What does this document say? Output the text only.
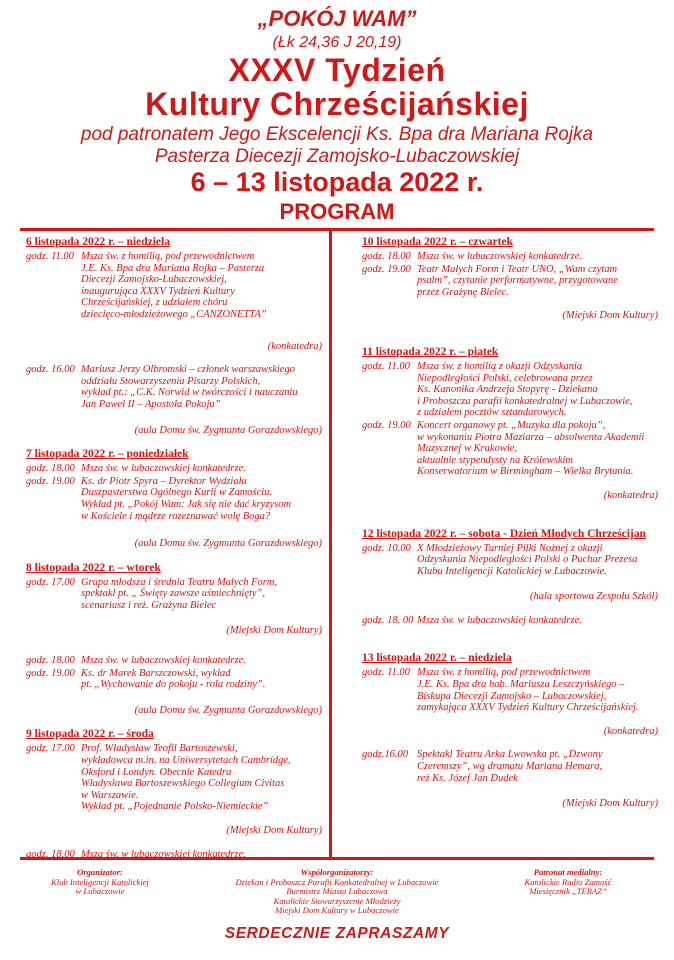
„POKÓJ WAM”
(Łk 24,36 J 20,19)
XXXV Tydzień
Kultury Chrześcijańskiej
pod patronatem Jego Ekscelencji Ks. Bpa dra Mariana Rojka
Pasterza Diecezji Zamojsko-Lubaczowskiej
6 – 13 listopada 2022 r.
PROGRAM
6 listopada 2022 r. – niedziela
godz. 11.00 Msza św. z homilią, pod przewodnictwem
J.E. Ks. Bpa dra Mariana Rojka – Pasterza
Diecezji Zamojsko-Lubaczowskiej,
inaugurująca XXXV Tydzień Kultury
Chrześcijańskiej, z udziałem chóru
dziecięco-młodzieżowego „CANZONETTA”
(konkatedra)
godz. 16.00 Mariusz Jerzy Olbromski – członek warszawskiego
oddziału Stowarzyszenia Pisarzy Polskich,
wykład pt.: „C.K. Norwid w twórczości i nauczaniu
Jan Paweł II – Apostoła Pokoju”
(aula Domu św. Zygmunta Gorazdowskiego)
7 listopada 2022 r. – poniedziałek
godz. 18.00 Msza św. w lubaczowskiej konkatedrze.
godz. 19.00 Ks. dr Piotr Spyra – Dyrektor Wydziału
Duszpasterstwa Ogólnego Kurii w Zamościu.
Wykład pt. „Pokój Wam: Jak się nie dać kryzysom
w Kościele i mądrze rozeznawać wolę Boga?
(aula Domu św. Zygmunta Gorazdowskiego)
8 listopada 2022 r. – wtorek
godz. 17.00 Grupa młodsza i średnia Teatru Małych Form,
spektakl pt. „ Święty zawsze uśmiechnięty”,
scenariusz i reż. Grażyna Bielec
(Miejski Dom Kultury)
godz. 18.00 Msza św. w lubaczowskiej konkatedrze.
godz. 19.00 Ks. dr Marek Barszczowski, wykład
pt. „Wychowanie do pokoju - rola rodziny”.
(aula Domu św. Zygmunta Gorazdowskiego)
9 listopada 2022 r. – środa
godz. 17.00 Prof. Władysław Teofil Bartoszewski,
wykładowca m.in. na Uniwersytetach Cambridge,
Oksford i Londyn. Obecnie Katedra
Władysława Bartoszewskiego Collegium Civitas
w Warszawie.
Wykład pt. „Pojednanie Polsko-Niemieckie”
(Miejski Dom Kultury)
godz. 18.00 Msza św. w lubaczowskiej konkatedrze.
10 listopada 2022 r. – czwartek
godz. 18.00 Msza św. w lubaczowskiej konkatedrze.
godz. 19.00 Teatr Małych Form i Teatr UNO, „Wam czytam
psalm”, czytanie performatywne, przygotowane
przez Grażynę Bielec.
(Miejski Dom Kultury)
11 listopada 2022 r. – piątek
godz. 11.00 Msza św. z homilią z okazji Odzyskania
Niepodległości Polski, celebrowana przez
Ks. Kanonika Andrzeja Stopyrę - Dziekana
i Proboszcza parafii konkatedralnej w Lubaczowie,
z udziałem pocztów sztandarowych.
godz. 19.00 Koncert organowy pt. „Muzyka dla pokoju”,
w wykonaniu Piotra Maziarza – absolwenta Akademii
Muzycznej w Krakowie,
aktualnie stypendysty na Królewskim
Konserwatorium w Birmingham – Wielka Brytania.
(konkatedra)
12 listopada 2022 r. – sobota - Dzień Młodych Chrześcijan
godz. 10.00 X Młodzieżowy Turniej Piłki Nożnej z okazji
Odzyskania Niepodległości Polski o Puchar Prezesa
Klubu Inteligencji Katolickiej w Lubaczowie.
(hala sportowa Zespołu Szkół)
godz. 18. 00 Msza św. w lubaczowskiej konkatedrze.
13 listopada 2022 r. – niedziela
godz. 11.00 Msza św. z homilią, pod przewodnictwem
J.E. Ks. Bpa dra hab. Mariusza Leszczyńskiego –
Biskupa Diecezji Zamojsko – Lubaczowskiej,
zamykająca XXXV Tydzień Kultury Chrześcijańskiej.
(konkatedra)
godz.16.00 Spektakl Teatru Arka Lwowska pt. „Dzwony
Czeremszy”, wg dramatu Mariana Hemara,
reż Ks. Józef Jan Dudek
(Miejski Dom Kultury)
Organizator:
Klub Inteligencji Katolickiej
w Lubaczowie
Współorganizatorzy:
Dziekan i Proboszcz Parafii Konkatedralnej w Lubaczowie
Burmistrz Miasta Lubaczowa
Katolickie Stowarzyszenie Młodzieży
Miejski Dom Kultury w Lubaczowie
Patronat medialny:
Katolickie Radio Zamość
Miesięcznik „TERAZ”
SERDECZNIE ZAPRASZAMY
